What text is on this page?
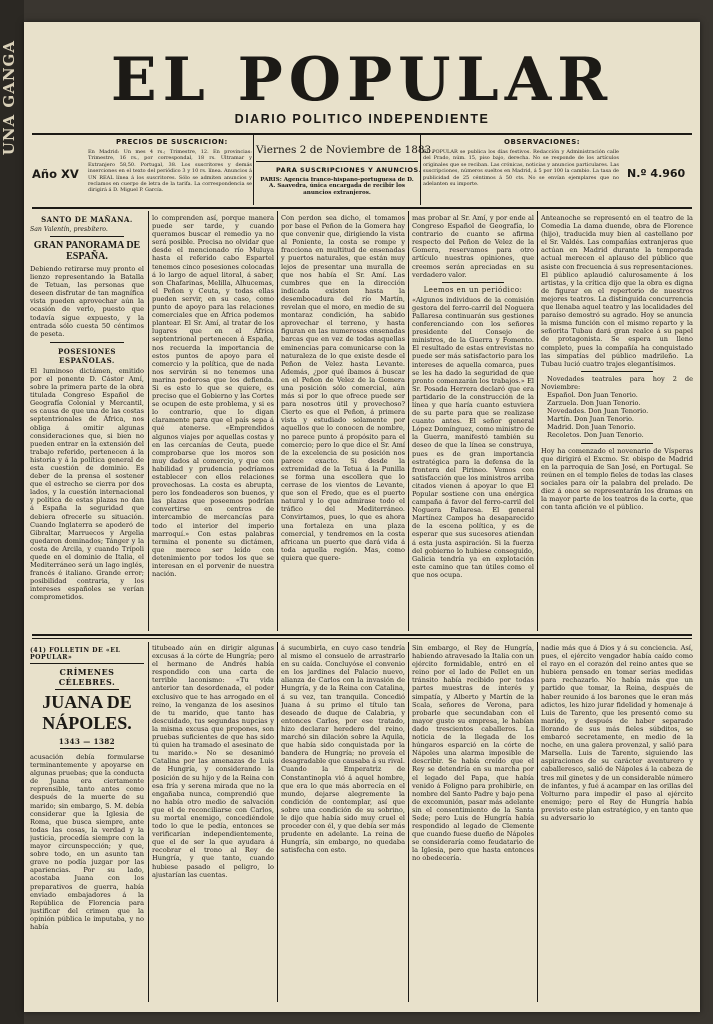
UNA GANGA	EL POPULAR
DIARIO POLITICO INDEPENDIENTE
PRECIOS DE SUSCRICION:
En Madrid: Un mes 4 rs.; Trimestre, 12. En provincias: Trimestre, 16 rs., por correspondal, 18 rs. Ultramar y Extranjero 58,50. Portugal, 38. Los suscritores y demás inserciones en el texto del periódico 3 y 10 rs. línea. Anuncios á UN REAL línea á los suscritores. Sólo se admiten anuncios y reclamos en cuerpo de letra de la tarifa. La correspondencia se dirigirá á D. Miguel P. García.
Año XV
Viernes 2 de Noviembre de 1883.
PARA SUSCRIPCIONES Y ANUNCIOS.
PARIS: Agencia franco-hispano-portuguesa de D. A. Saavedra, única encargada de recibir los anuncios extranjeros.
OBSERVACIONES:
EL POPULAR se publica los días festivos. Redacción y Administración calle del Prado, núm. 15, piso bajo, derecha. No se responde de los artículos originales que se reciban. Las crónicas, noticias y anuncios particulares. Las suscripciones, números sueltos en Madrid, á 5 por 100 la cambio. La tasa de publicidad de 25 céntimos á 50 cts. No se envían ejemplares que no adelanten su importe.
N.º 4.960
SANTO DE MAÑANA.
San Valentín, presbítero.
GRAN PANORAMA DE ESPAÑA.

Debiendo retirarse muy pronto el lienzo representando la Batalla de Tetuan, las personas que deseen disfrutar de tan magnífica vista pueden aprovechar aún la ocasión de verlo, puesto que todavía sigue expuesto, y la entrada sólo cuesta 50 céntimos de peseta.

POSESIONES ESPAÑOLAS.

El luminoso dictámen, emitido por el ponente D. Cástor Amí, sobre la primera parte de la obra titulada Congreso Español de Geografía Colonial y Mercantil, es causa de que una de las costas septentrionales de África, nos obliga á omitir algunas consideraciones que, si bien no pueden entrar en la extensión del trabajo referido, pertenecen á la historia y á la política general de esta cuestión de dominio. Es deber de la prensa el sostener que el estrecho se cierra por dos lados, y la cuestión internacional y política de estas plazas no dan á España la seguridad que debiera ofrecerle su situación. Cuando Inglaterra se apoderó de Gibraltar, Marruecos y Argelia quedaron dominados; Tánger y la costa de Arcila, y cuando Trípoli quede en el dominio de Italia, el Mediterráneo será un lago inglés, francés é italiano. Grande error; posibilidad contraria, y los intereses españoles se verían comprometidos.

lo comprenden así, porque manera puede ser tarde, y cuando queramos buscar el remedio ya no será posible. Precisa no olvidar que desde el mencionado río Muluya hasta el referido cabo Espartel tenemos cinco posesiones colocadas á lo largo de aquel litoral, á saber, son Chafarinas, Melilla, Alhucemas, el Peñon y Ceuta, y todas ellas pueden servir, en su caso, como punto de apoyo para las relaciones comerciales que en África podemos plantear. El Sr. Amí, al tratar de los lugares que en el África septentrional pertenecen á España, nos recuerda la importancia de estos puntos de apoyo para el comercio y la política, que de nada nos servirán si no tenemos una marina poderosa que los defienda. Si es esto lo que se quiere, es preciso que el Gobierno y las Cortes se ocupen de este problema, y si es lo contrario, que lo digan claramente para que el país sepa á qué atenerse. «Emprendidos algunos viajes por aquellas costas y en las cercanías de Ceuta, puede comprobarse que los moros son muy dados al comercio, y que con habilidad y prudencia podríamos establecer con ellos relaciones provechosas. La costa es abrupta, pero los fondeaderos son buenos, y las plazas que poseemos podrían convertirse en centros de intercambio de mercancías para todo el interior del imperio marroquí.» Con estas palabras termina el ponente su dictámen, que merece ser leído con detenimiento por todos los que se interesan en el porvenir de nuestra nación.

Con perdon sea dicho, el tomamos por base el Peñon de la Gomera hay que convenir que, dirigiendo la vista al Poniente, la costa se rompe y fracciona en multitud de ensenadas y puertos naturales, que están muy lejos de presentar una muralla de que nos había el Sr. Amí. Las cumbres que en la dirección indicada existen hasta la desembocadura del río Martín, revelan que el moro, en medio de su montaraz condición, ha sabido aprovechar el terreno, y hasta figuran en las numerosas ensenadas barcas que en vez de todas aquellas eminencias para comunicarse con la naturaleza de lo que existe desde el Peñon de Velez hasta Levante. Además, ¿por qué íbamos á buscar en el Peñon de Velez de la Gomera una posición sólo comercial, aún más si por lo que ofrece puede ser para nosotros útil y provechoso? Cierto es que el Peñon, á primera vista y estudiado solamente por aquellos que lo conocen de nombre, no parece punto á propósito para el comercio; pero lo que dice el Sr. Amí de la excelencia de su posición nos parece exacto. Si desde la extremidad de la Tetua á la Punilla se forma una escollera que lo cerrase de los vientos de Levante, que son el Fredo, que es el puerto natural y lo que admirase todo el tráfico del Mediterráneo. Convirtamos, pues, lo que es ahora una fortaleza en una plaza comercial, y tendremos en la costa africana un puerto que dará vida á toda aquella región. Mas, como quiera que quere-

mas probar al Sr. Amí, y por ende al Congreso Español de Geografía, lo contrario de cuanto se afirma respecto del Peñon de Velez de la Gomera, reservamos para otro artículo nuestras opiniones, que creemos serán apreciadas en su verdadero valor.

Leemos en un periódico:

«Algunos individuos de la comisión gestora del ferro-carril del Noguera Pallaresa continuarán sus gestiones conferenciando con los señores presidente del Consejo de ministros, de la Guerra y Fomento. El resultado de estas entrevistas no puede ser más satisfactorio para los intereses de aquella comarca, pues se les ha dado la seguridad de que pronto comenzarán los trabajos.» El Sr. Posada Herrera declaró que era partidario de la construcción de la línea y que haría cuanto estuviera de su parte para que se realizase cuanto antes. El señor general López Domínguez, como ministro de la Guerra, manifestó también su deseo de que la línea se construya, pues es de gran importancia estratégica para la defensa de la frontera del Pirineo. Vemos con satisfacción que los ministros arriba citados vienen á apoyar lo que El Popular sostiene con una enérgica campaña á favor del ferro-carril del Noguera Pallaresa. El general Martínez Campos ha desaparecido de la escena política, y es de esperar que sus sucesores atiendan á esta justa aspiración. Si la fuerza del gobierno lo hubiese conseguido, Galicia tendría ya en explotación este camino que tan útiles como el que nos ocupa.

Anteanoche se representó en el teatro de la Comedia La dama duende, obra de Florence (hijo), traducida muy bien al castellano por el Sr. Valdés. Las compañías extranjeras que actúan en Madrid durante la temporada actual merecen el aplauso del público que asiste con frecuencia á sus representaciones. El público aplaudió calurosamente á los artistas, y la crítica dijo que la obra es digna de figurar en el repertorio de nuestros mejores teatros. La distinguida concurrencia que llenaba aquel teatro y las localidades del paraíso demostró su agrado. Hoy se anuncia la misma función con el mismo reparto y la señorita Tubau dará gran realce á su papel de protagonista. Se espera un lleno completo, pues la compañía ha conquistado las simpatías del público madrileño. La Tubau lució cuatro trajes elegantísimos.

Novedades teatrales para hoy 2 de Noviembre:

Español. Don Juan Tenorio.
Zarzuela. Don Juan Tenorio.
Novedades. Don Juan Tenorio.
Martín. Don Juan Tenorio.
Madrid. Don Juan Tenorio.
Recoletos. Don Juan Tenorio.

Hoy ha comenzado el novenario de Vísperas que dirigirá el Excmo. Sr. obispo de Madrid en la parroquia de San José, en Portugal. Se reúnen en el templo fieles de todas las clases sociales para oír la palabra del prelado. De diez á once se representarán los dramas en la mayor parte de los teatros de la corte, que con tanta afición ve el público.

(41) FOLLETIN DE «EL POPULAR»
CRÍMENES CÉLEBRES.
JUANA DE NÁPOLES.
1343 — 1382

acusación debía formularse terminantemente y apoyarse en algunas pruebas; que la conducta de Juana era ciertamente reprensible, tanto antes como después de la muerte de su marido; sin embargo, S. M. debía considerar que la Iglesia de Roma, que busca siempre, ante todas las cosas, la verdad y la justicia, procedía siempre con la mayor circunspección; y que, sobre todo, en un asunto tan grave no podía juzgar por las apariencias. Por su lado, acostaba Juana con los preparativos de guerra, había enviado embajadores á la República de Florencia para justificar del crimen que la opinión pública le imputaba, y no había

titubeado aún en dirigir algunas excusas á la córte de Hungría; pero el hermano de Andrés había respondido con una carta de terrible laconismo: «Tu vida anterior tan desordenada, el poder exclusivo que te has arrogado en el reino, la venganza de los asesinos de tu marido, que tanto has descuidado, tus segundas nupcias y la misma excusa que propones, son pruebas suficientes de que has sido tú quien ha tramado el asesinato de tu marido.» No se desanimó Catalina por las amenazas de Luis de Hungría, y considerando la posición de su hijo y de la Reina con esa fría y serena mirada que no la engañaba nunca, comprendió que no había otro medio de salvación que el de reconciliarse con Carlos, su mortal enemigo, concediéndole todo lo que le pedía, entonces se verificarían independientemente, que el de ser la que ayudara á recobrar el trono al Rey de Hungría, y que tanto, cuando hubiese pasado el peligro, lo ajustarían las cuentas.

á sucumbirla, en cuyo caso tendría al mismo el consuelo de arrastrarlo en su caída. Concluyóse el convenio en los jardines del Palacio nuevo, alianza de Carlos con la invasión de Hungría, y de la Reina con Catalina, á su vez, tan tranquila. Concedió Juana á su primo el título tan deseado de duque de Calabria, y entonces Carlos, por ese tratado, hizo declarar heredero del reino, marchó sin dilación sobre la Aquila, que había sido conquistada por la bandera de Hungría; no proveía el desagradable que causaba á su rival. Cuando la Emperatriz de Constantinopla vió á aquel hombre, que era lo que más aborrecía en el mundo, dejarse alegremente la condición de contemplar, así que sobre una condición de su sobrino, le dijo que había sido muy cruel el proceder con él, y que debía ser más prudente en adelante. La reina de Hungría, sin embargo, no quedaba satisfecha con esto.

Sin embargo, el Rey de Hungría, habiendo atravesado la Italia con un ejército formidable, entró en el reino por el lado de Pellet en un tránsito había recibido por todas partes muestras de interés y simpatía, y Alberto y Martín de la Scala, señores de Verona, para probarle que secundaban con el mayor gusto su empresa, le habían dado trescientos caballeros. La noticia de la llegada de los húngaros esparció en la córte de Nápoles una alarma imposible de describir. Se había creído que el Rey se detendría en su marcha por el legado del Papa, que había venido á Foligno para prohibirle, en nombre del Santo Padre y bajo pena de excomunión, pasar más adelante sin el consentimiento de la Santa Sede; pero Luis de Hungría había respondido al legado de Clemente que cuando fuese dueño de Nápoles se consideraría como feudatario de la Iglesia, pero que hasta entonces no obedecería.

nadie más que á Dios y á su conciencia. Así, pues, el ejército vengador había caído como el rayo en el corazón del reino antes que se hubiera pensado en tomar serias medidas para rechazarlo. No había más que un partido que tomar, la Reina, después de haber reunido á los barones que le eran más adictos, les hizo jurar fidelidad y homenaje á Luis de Tarento, que les presentó como su marido, y después de haber separado llorando de sus más fieles súbditos, se embarcó secretamente, en medio de la noche, en una galera provenzal, y salió para Marsella. Luis de Tarento, siguiendo las aspiraciones de su carácter aventurero y caballeresco, salió de Nápoles á la cabeza de tres mil ginetes y de un considerable número de infantes, y fué á acampar en las orillas del Volturno para impedir el paso al ejército enemigo; pero el Rey de Hungría había previsto este plan estratégico, y en tanto que su adversario lo
